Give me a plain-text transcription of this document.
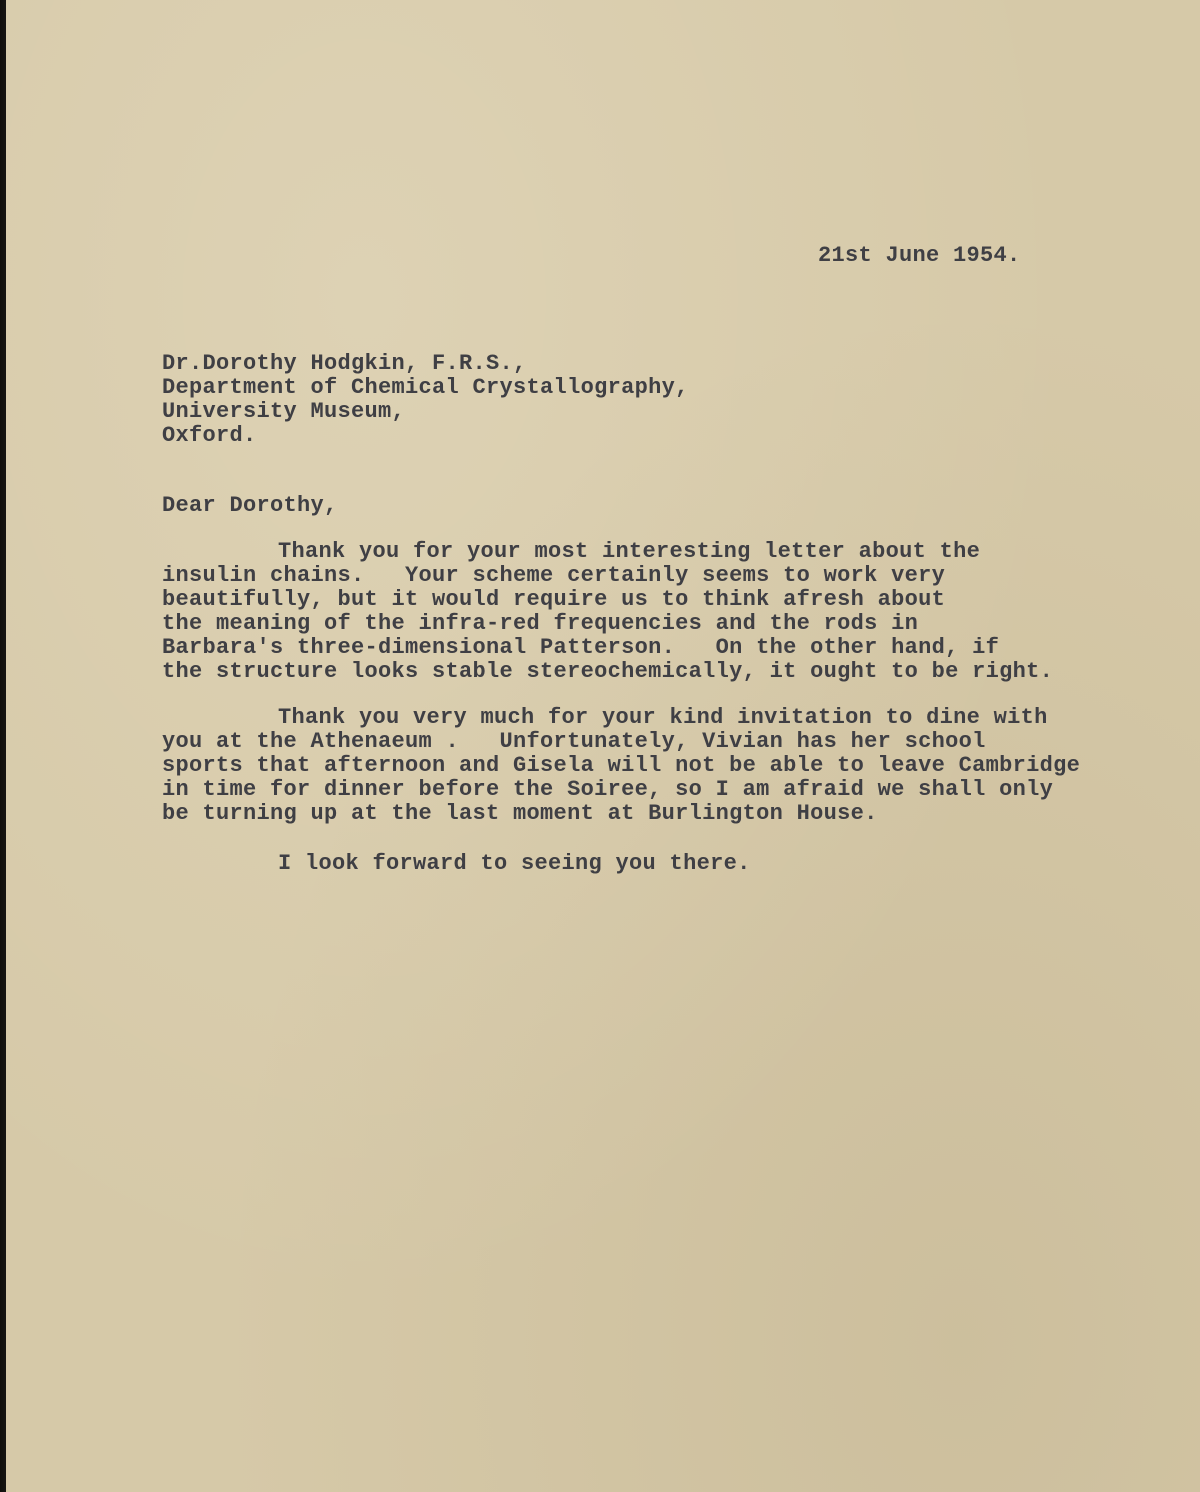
21st June 1954.
Dr.Dorothy Hodgkin, F.R.S.,
Department of Chemical Crystallography,
University Museum,
Oxford.
Dear Dorothy,
Thank you for your most interesting letter about the
insulin chains.   Your scheme certainly seems to work very
beautifully, but it would require us to think afresh about
the meaning of the infra-red frequencies and the rods in
Barbara's three-dimensional Patterson.   On the other hand, if
the structure looks stable stereochemically, it ought to be right.
Thank you very much for your kind invitation to dine with
you at the Athenaeum .   Unfortunately, Vivian has her school
sports that afternoon and Gisela will not be able to leave Cambridge
in time for dinner before the Soiree, so I am afraid we shall only
be turning up at the last moment at Burlington House.
I look forward to seeing you there.
